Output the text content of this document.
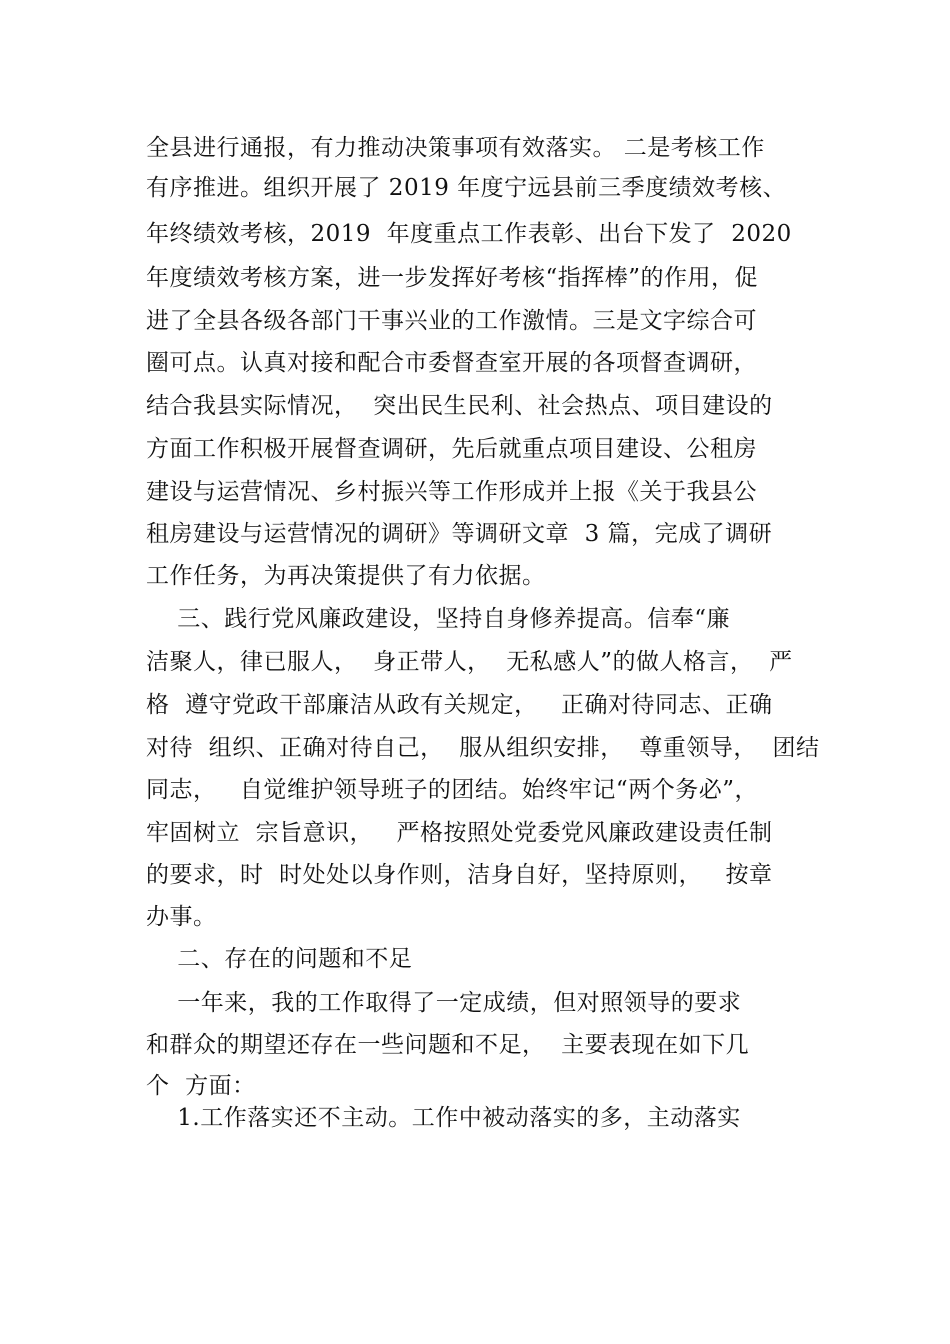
全县进行通报，有力推动决策事项有效落实。 二是考核工作
有序推进。组织开展了 2019 年度宁远县前三季度绩效考核、
年终绩效考核，2019  年度重点工作表彰、出台下发了  2020
年度绩效考核方案，进一步发挥好考核“指挥棒”的作用，促
进了全县各级各部门干事兴业的工作激情。三是文字综合可
圈可点。认真对接和配合市委督查室开展的各项督查调研，
结合我县实际情况，  突出民生民利、社会热点、项目建设的
方面工作积极开展督查调研，先后就重点项目建设、公租房
建设与运营情况、乡村振兴等工作形成并上报《关于我县公
租房建设与运营情况的调研》等调研文章  3 篇，完成了调研
工作任务，为再决策提供了有力依据。
三、践行党风廉政建设，坚持自身修养提高。信奉“廉
洁聚人，律已服人，  身正带人，  无私感人”的做人格言，  严
格  遵守党政干部廉洁从政有关规定，   正确对待同志、正确
对待  组织、正确对待自己，  服从组织安排，  尊重领导，  团结
同志，   自觉维护领导班子的团结。始终牢记“两个务必”，
牢固树立  宗旨意识，   严格按照处党委党风廉政建设责任制
的要求，时  时处处以身作则，洁身自好，坚持原则，   按章
办事。
二、存在的问题和不足
一年来，我的工作取得了一定成绩，但对照领导的要求
和群众的期望还存在一些问题和不足，  主要表现在如下几
个  方面：
1.工作落实还不主动。工作中被动落实的多，主动落实
